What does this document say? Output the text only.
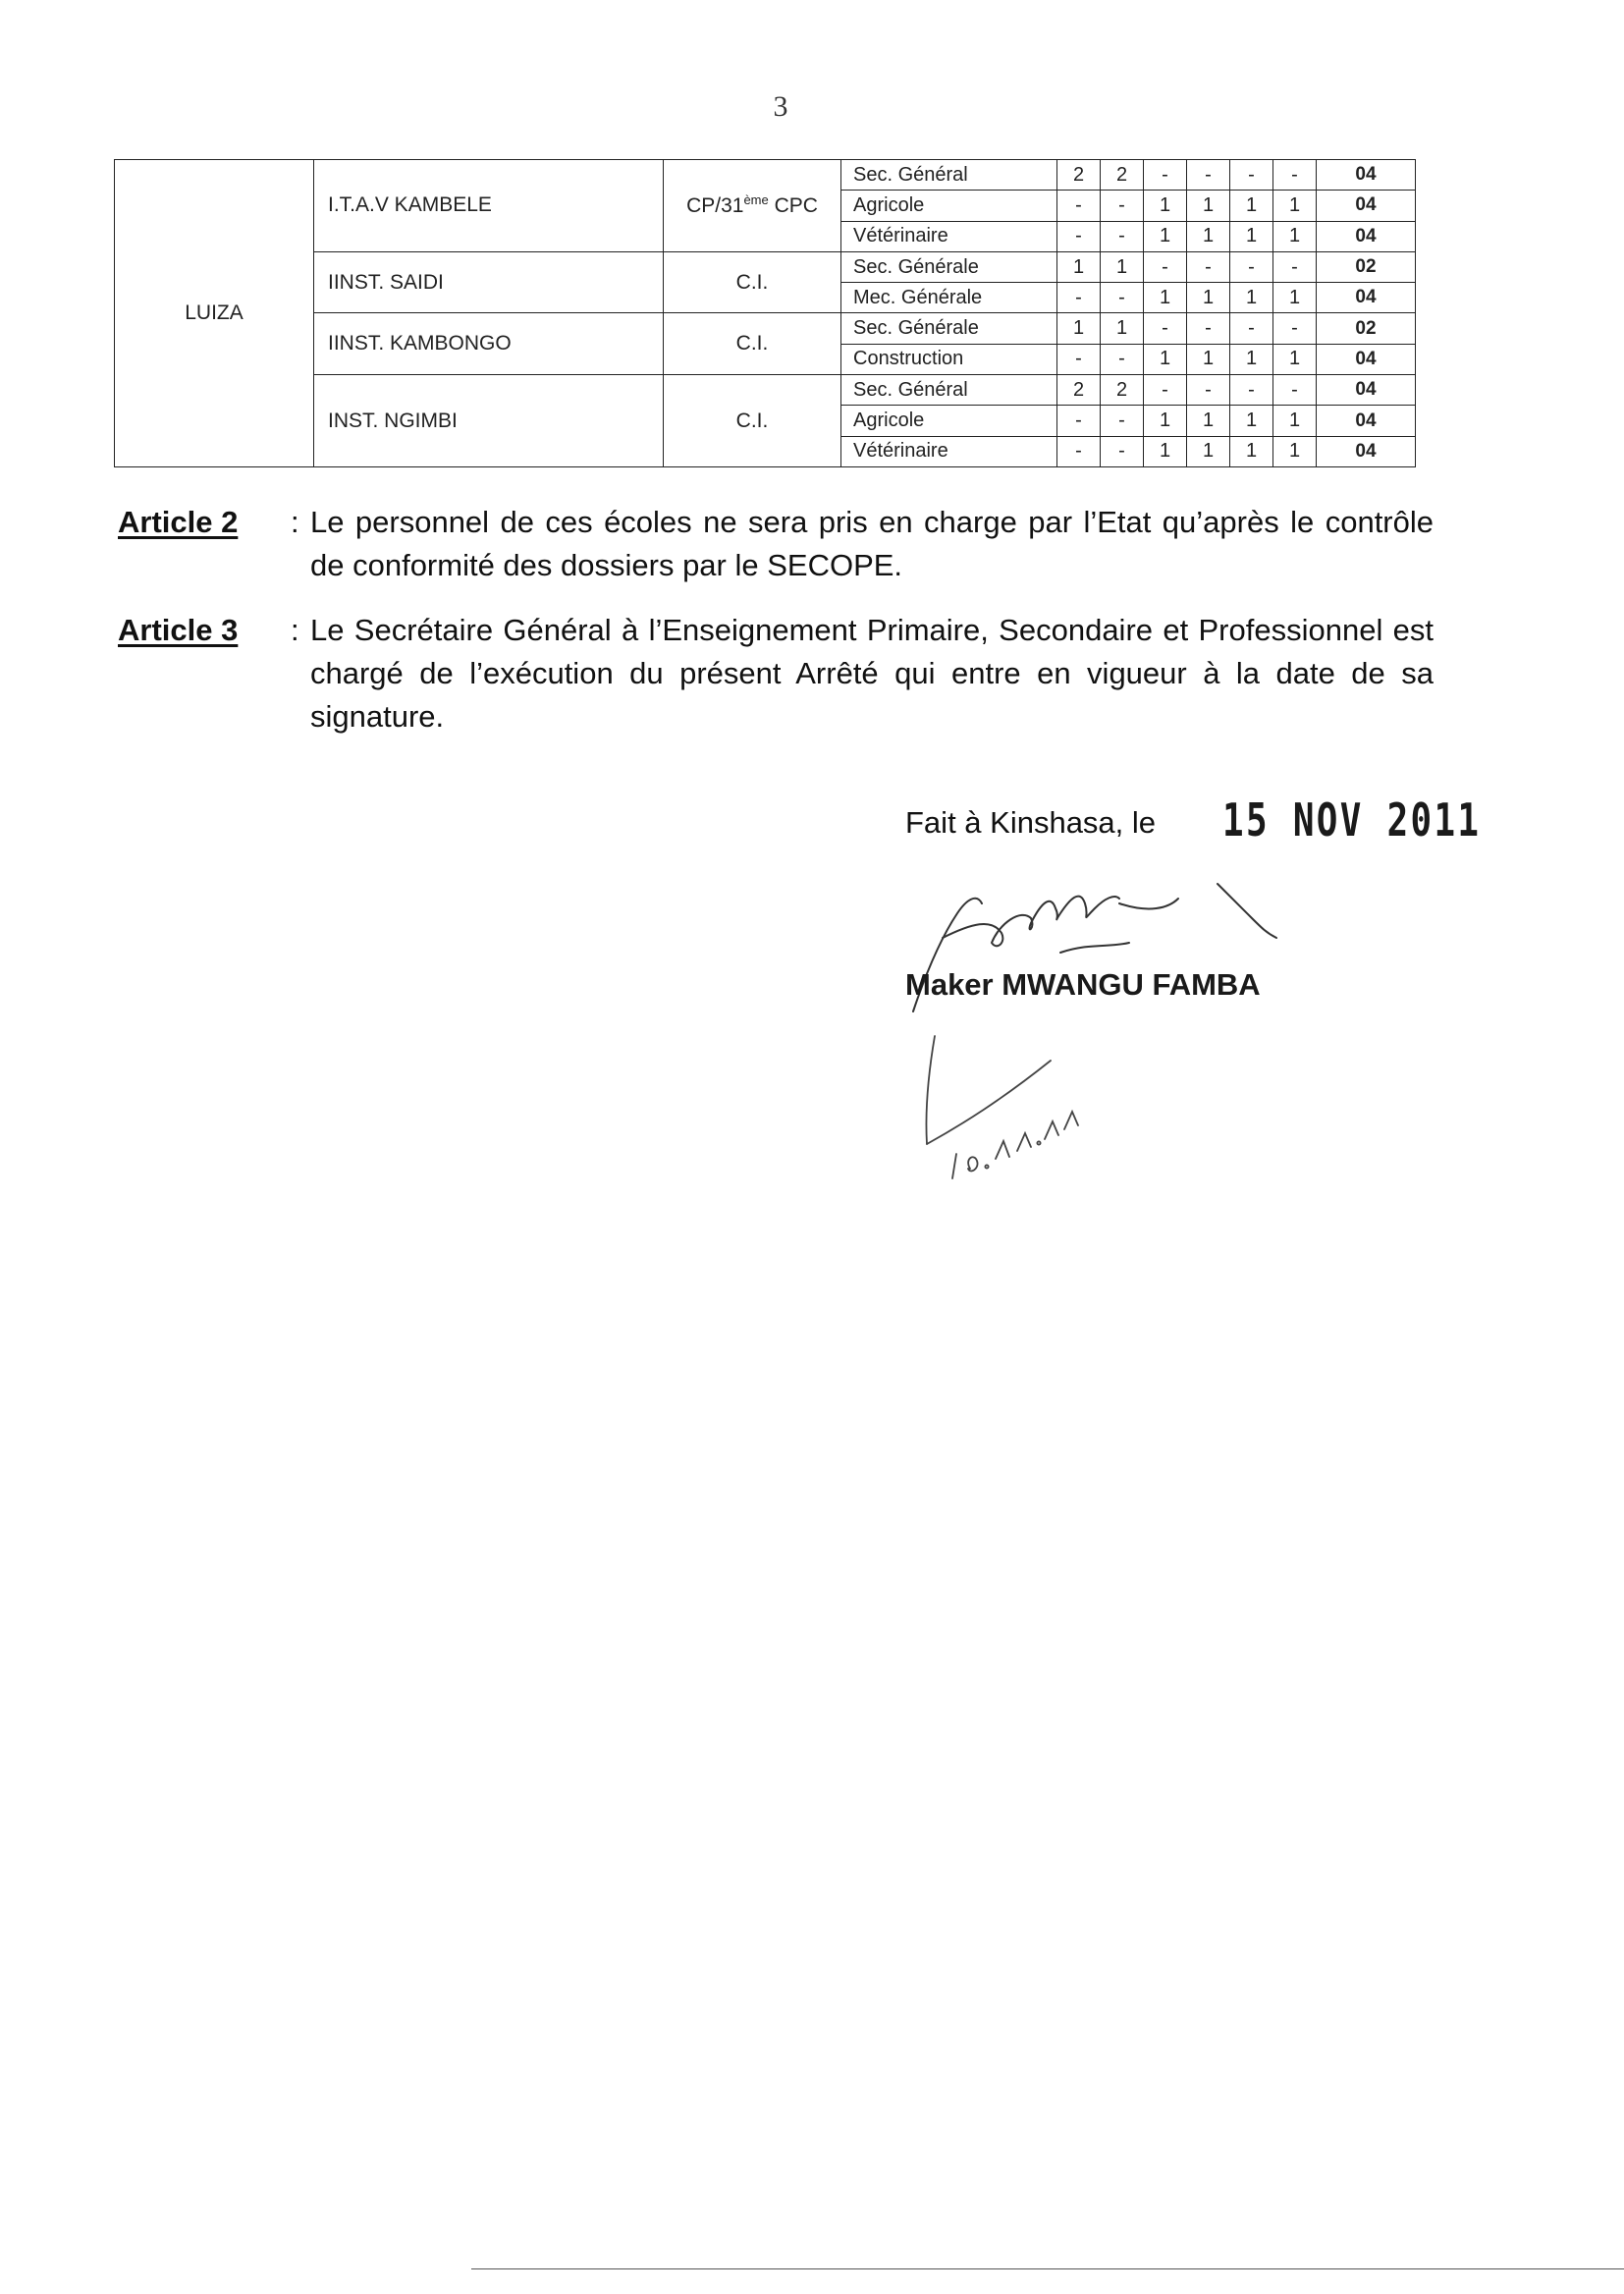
3
LUIZA	I.T.A.V KAMBELE	CP/31ème CPC	Sec. Général	2	2	-	-	-	-	04
			Agricole	-	-	1	1	1	1	04
			Vétérinaire	-	-	1	1	1	1	04
	IINST. SAIDI	C.I.	Sec. Générale	1	1	-	-	-	-	02
			Mec. Générale	-	-	1	1	1	1	04
	IINST. KAMBONGO	C.I.	Sec. Générale	1	1	-	-	-	-	02
			Construction	-	-	1	1	1	1	04
	INST. NGIMBI	C.I.	Sec. Général	2	2	-	-	-	-	04
			Agricole	-	-	1	1	1	1	04
			Vétérinaire	-	-	1	1	1	1	04
Article 2	: Le personnel de ces écoles ne sera pris en charge par l’Etat qu’après le contrôle de conformité des dossiers par le SECOPE.
Article 3	: Le Secrétaire Général à l’Enseignement Primaire, Secondaire et Professionnel est chargé de l’exécution du présent Arrêté qui entre en vigueur à la date de sa signature.
Fait à Kinshasa, le 15 NOV 2011
Maker MWANGU FAMBA
